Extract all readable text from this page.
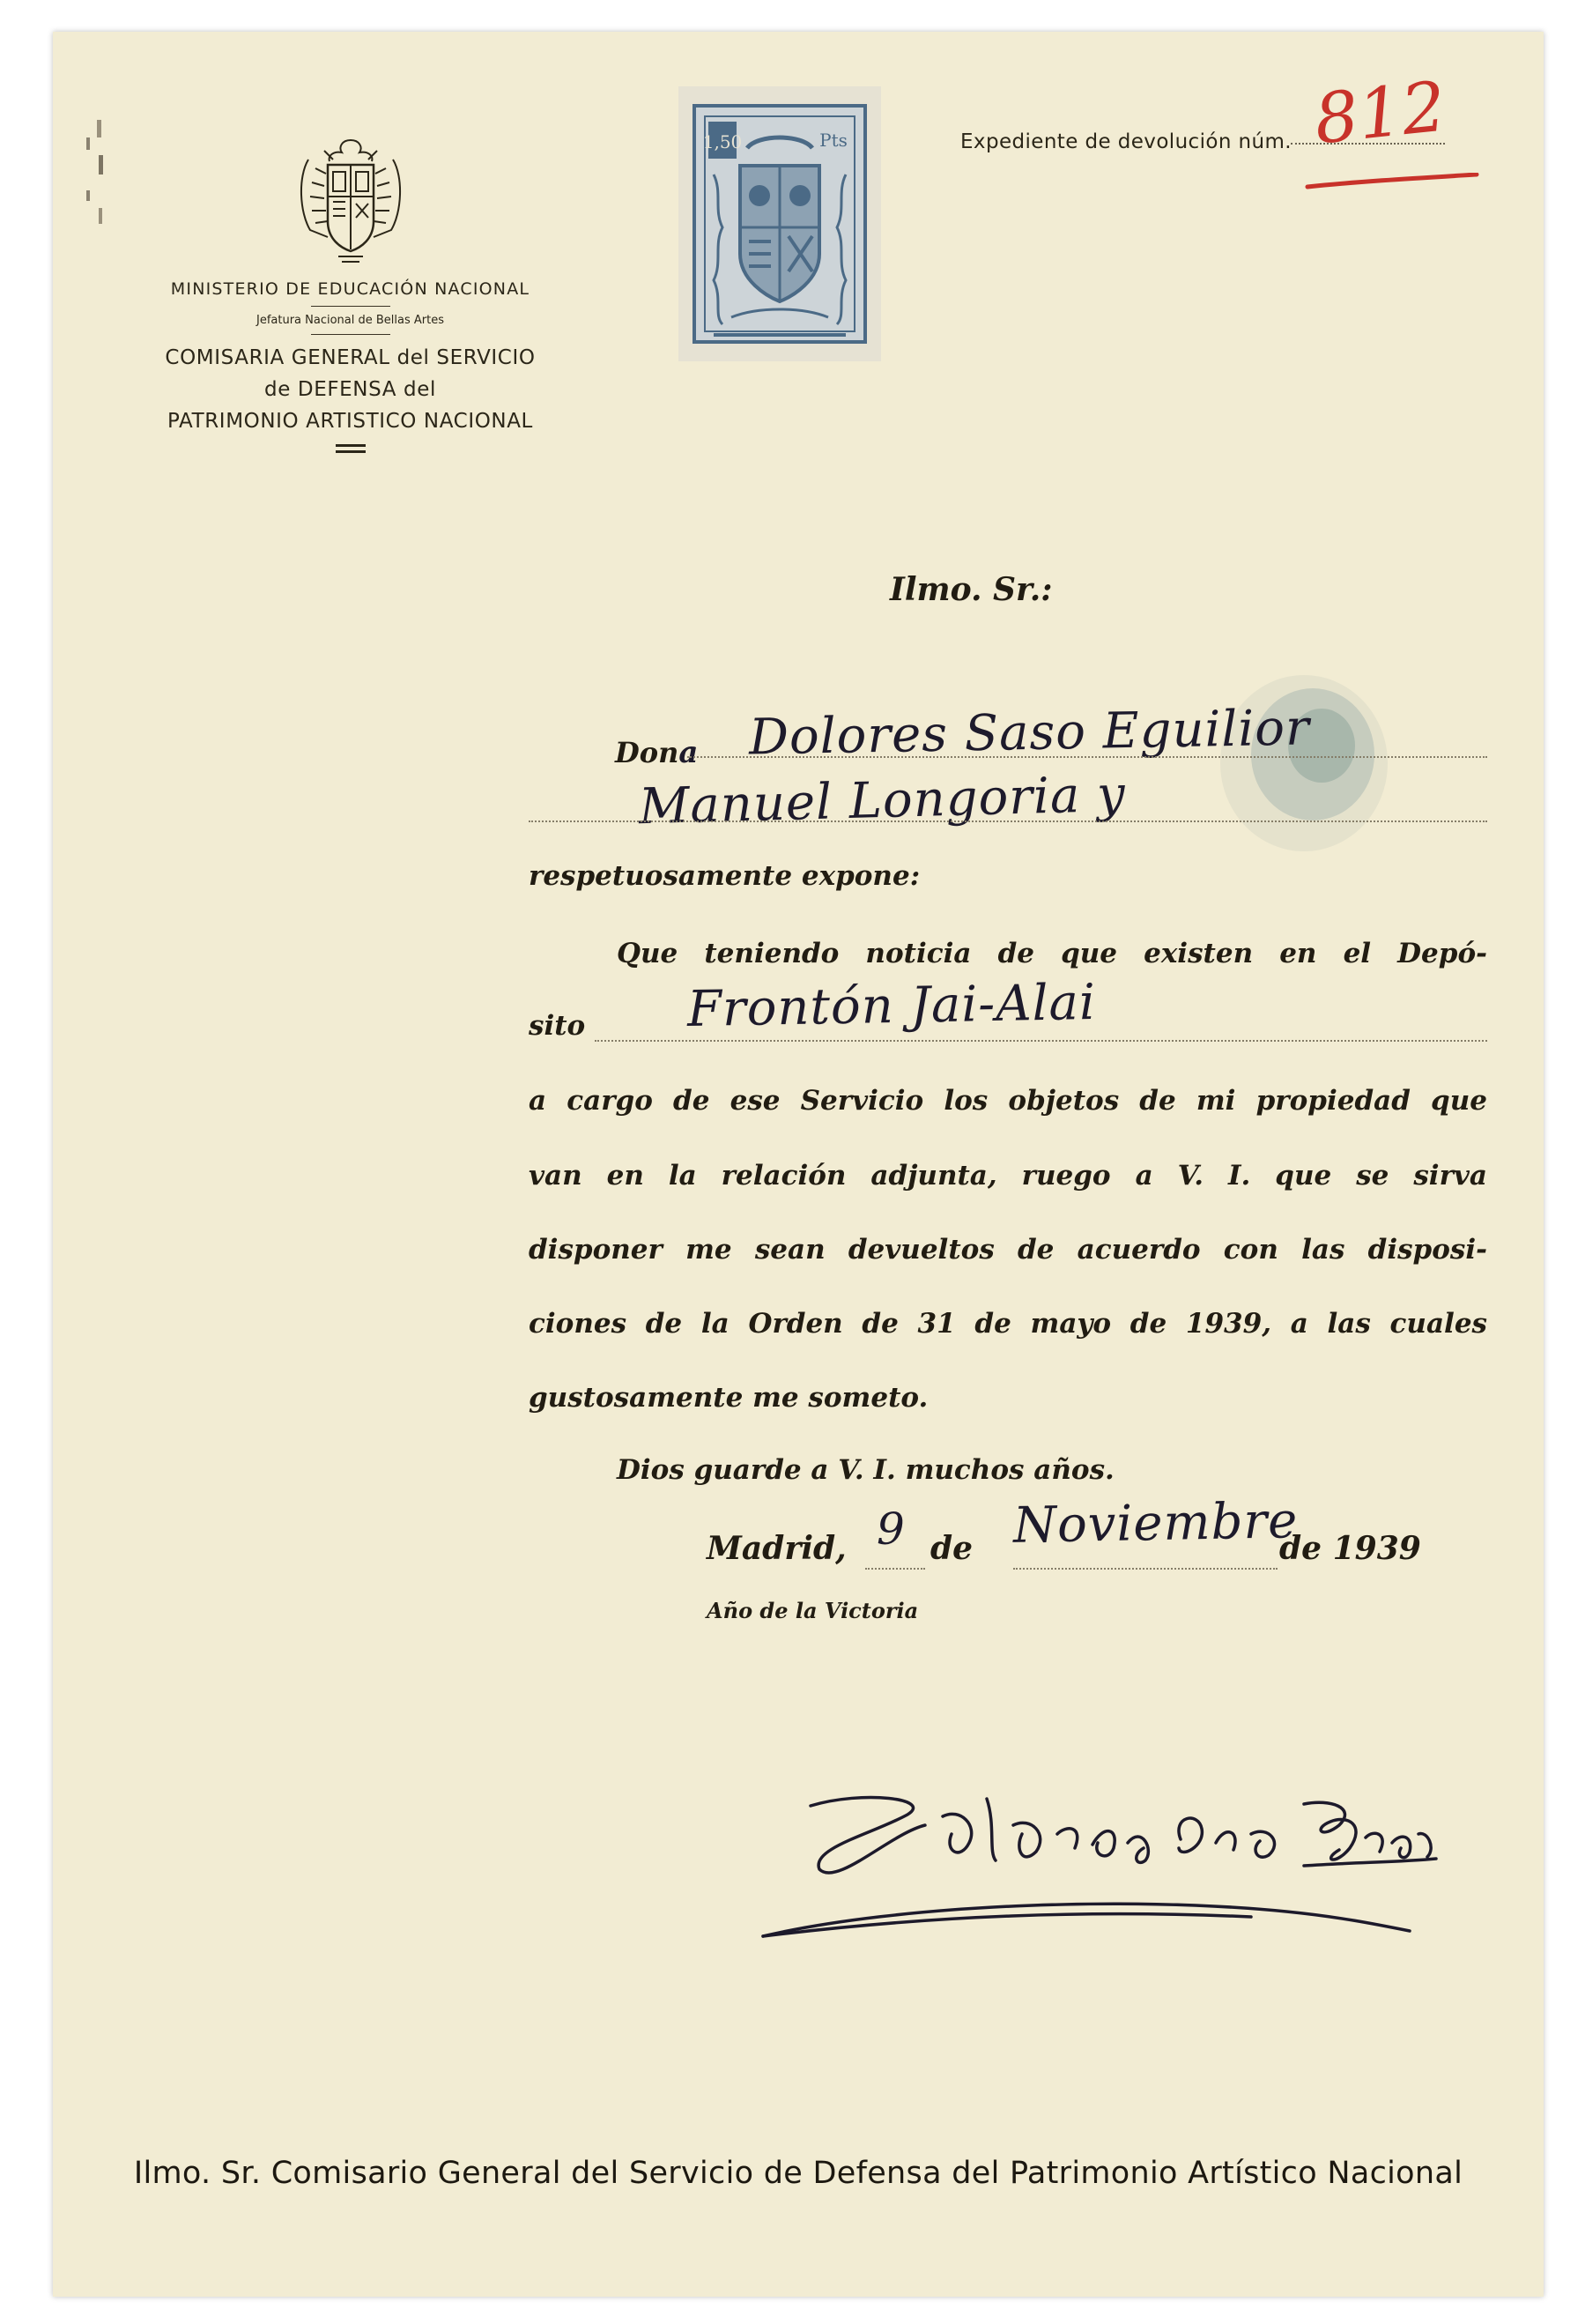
MINISTERIO DE EDUCACIÓN NACIONAL
Jefatura Nacional de Bellas Artes
COMISARIA GENERAL del SERVICIO
de DEFENSA del
PATRIMONIO ARTISTICO NACIONAL
1,50	Pts	Expediente de devolución núm. 812
Ilmo. Sr.:
Dona Dolores Saso Eguilior
Manuel Longoria y
respetuosamente expone:
Que teniendo noticia de que existen en el Depó-
sito Frontón Jai-Alai
a cargo de ese Servicio los objetos de mi propiedad que
van en la relación adjunta, ruego a V. I. que se sirva
disponer me sean devueltos de acuerdo con las disposi-
ciones de la Orden de 31 de mayo de 1939, a las cuales
gustosamente me someto.
Dios guarde a V. I. muchos años.
Madrid, 9 de Noviembre
de 1939
Año de la Victoria
Dolores Saso Eguilior
Ilmo. Sr. Comisario General del Servicio de Defensa del Patrimonio Artístico Nacional
